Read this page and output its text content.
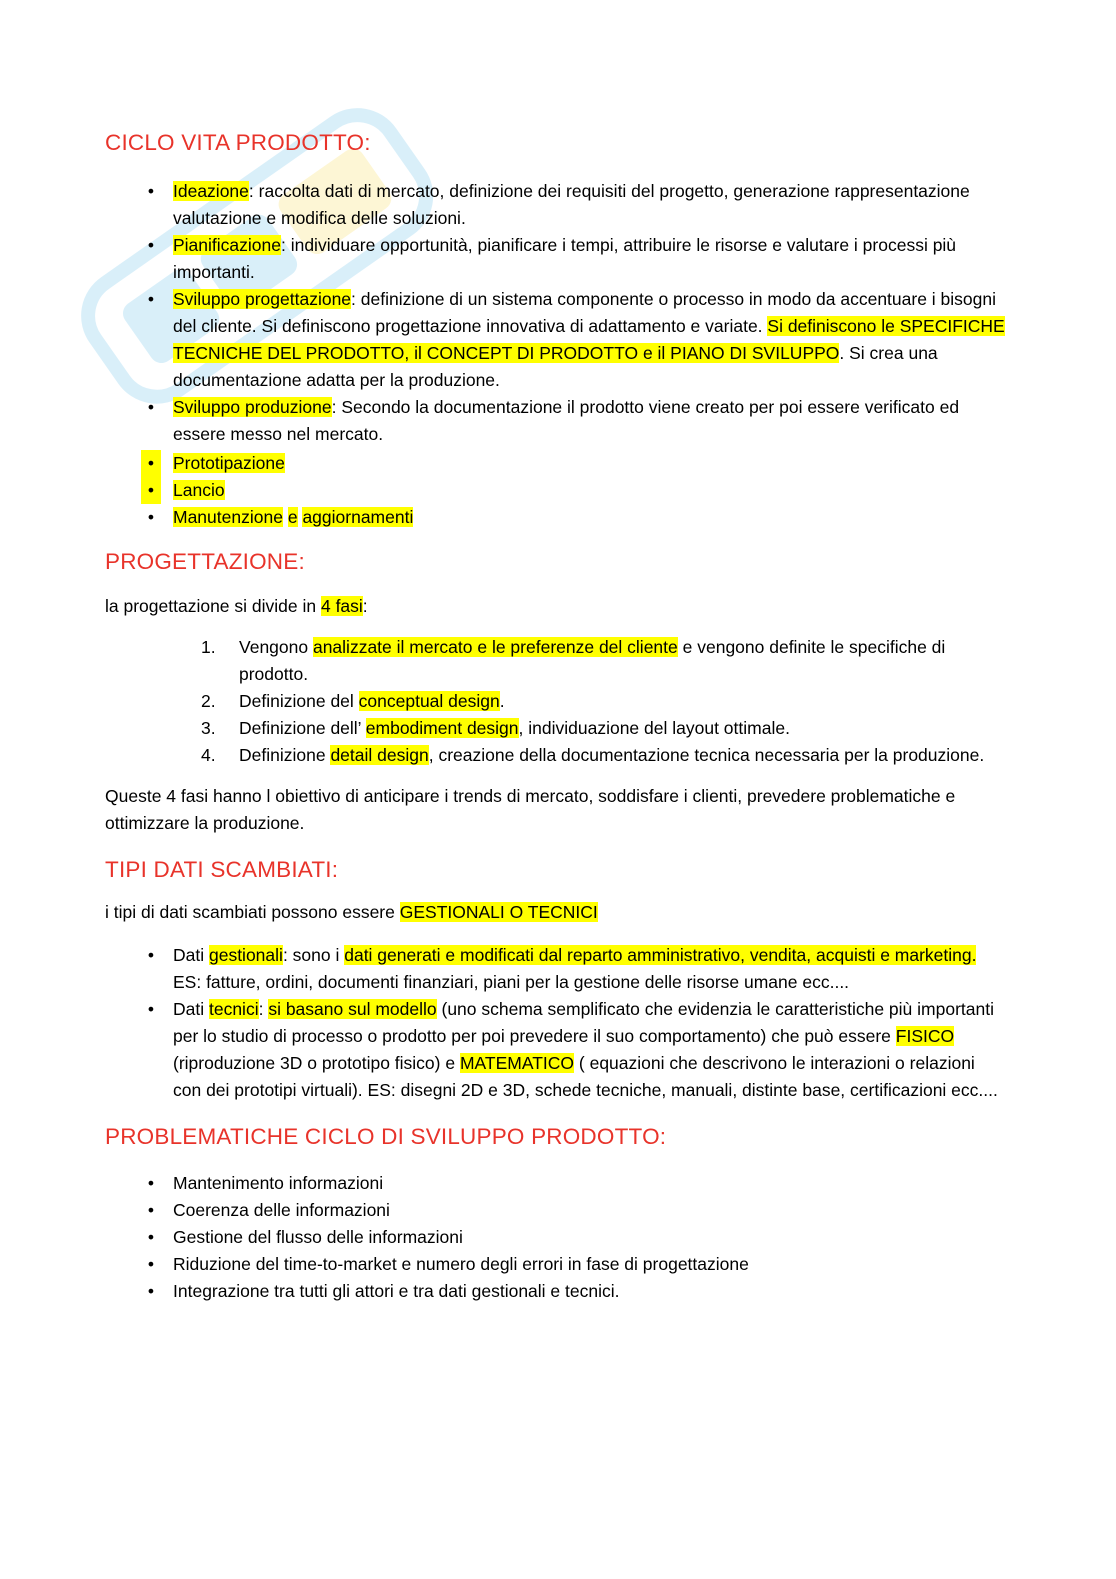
CICLO VITA PRODOTTO:
•	Ideazione: raccolta dati di mercato, definizione dei requisiti del progetto, generazione rappresentazione valutazione e modifica delle soluzioni.
•	Pianificazione: individuare opportunità, pianificare i tempi, attribuire le risorse e valutare i processi più importanti.
•	Sviluppo progettazione: definizione di un sistema componente o processo in modo da accentuare i bisogni del cliente. Si definiscono progettazione innovativa di adattamento e variate. Si definiscono le SPECIFICHE TECNICHE DEL PRODOTTO, il CONCEPT DI PRODOTTO e il PIANO DI SVILUPPO. Si crea una documentazione adatta per la produzione.
•	Sviluppo produzione: Secondo la documentazione il prodotto viene creato per poi essere verificato ed essere messo nel mercato.
•	Prototipazione
•	Lancio
•	Manutenzione e aggiornamenti
PROGETTAZIONE:

la progettazione si divide in 4 fasi:

1.	Vengono analizzate il mercato e le preferenze del cliente e vengono definite le specifiche di prodotto.
2.	Definizione del conceptual design.
3.	Definizione dell’ embodiment design, individuazione del layout ottimale.
4.	Definizione detail design, creazione della documentazione tecnica necessaria per la produzione.

Queste 4 fasi hanno l obiettivo di anticipare i trends di mercato, soddisfare i clienti, prevedere problematiche e ottimizzare la produzione.

TIPI DATI SCAMBIATI:

i tipi di dati scambiati possono essere GESTIONALI O TECNICI

•	Dati gestionali: sono i dati generati e modificati dal reparto amministrativo, vendita, acquisti e marketing. ES: fatture, ordini, documenti finanziari, piani per la gestione delle risorse umane ecc....
•	Dati tecnici: si basano sul modello (uno schema semplificato che evidenzia le caratteristiche più importanti per lo studio di processo o prodotto per poi prevedere il suo comportamento) che può essere FISICO (riproduzione 3D o prototipo fisico) e MATEMATICO ( equazioni che descrivono le interazioni o relazioni con dei prototipi virtuali). ES: disegni 2D e 3D, schede tecniche, manuali, distinte base, certificazioni ecc....
PROBLEMATICHE CICLO DI SVILUPPO PRODOTTO:
•	Mantenimento informazioni
•	Coerenza delle informazioni
•	Gestione del flusso delle informazioni
•	Riduzione del time-to-market e numero degli errori in fase di progettazione
•	Integrazione tra tutti gli attori e tra dati gestionali e tecnici.
